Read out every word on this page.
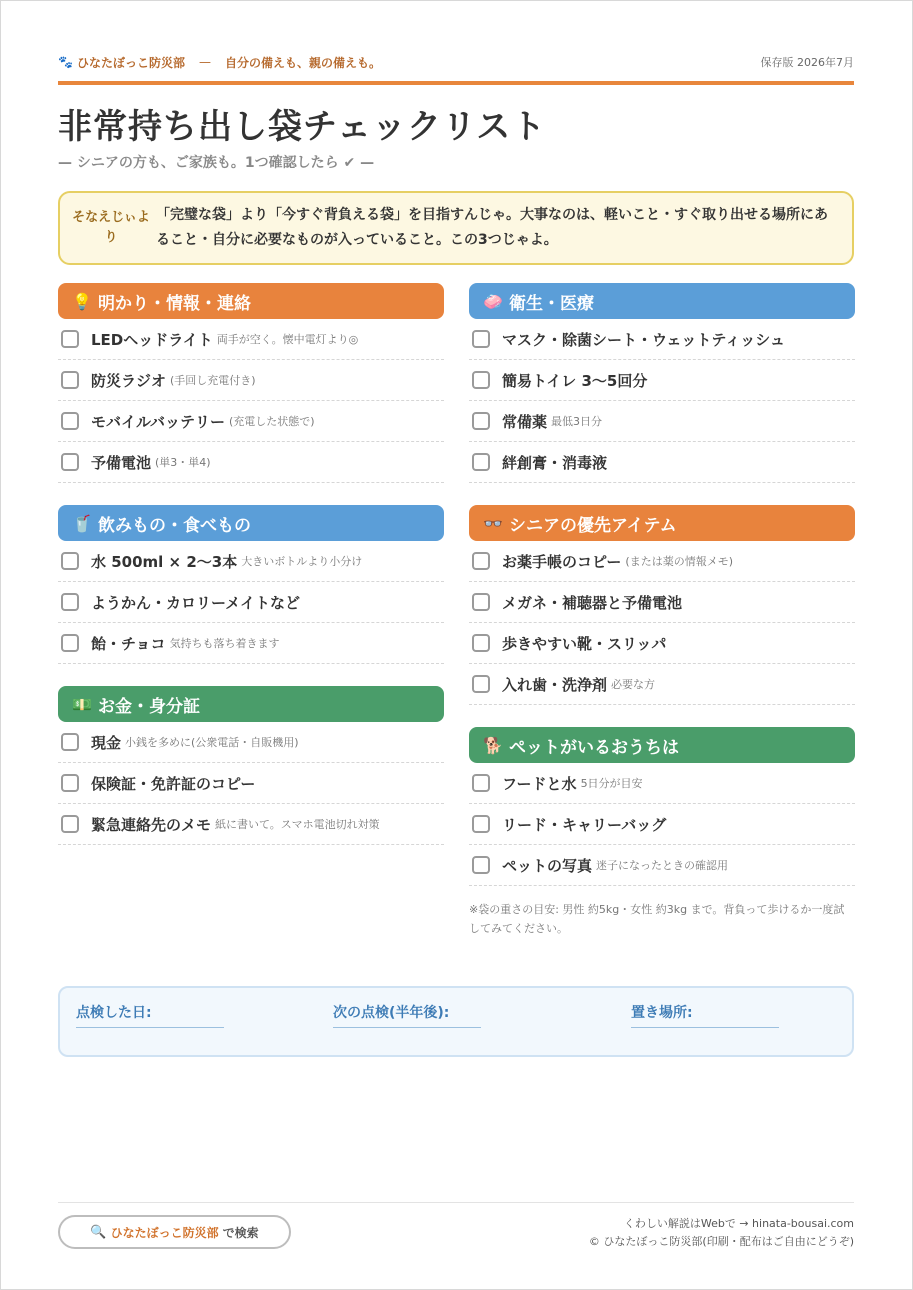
🐾 ひなたぼっこ防災部 — 自分の備えも、親の備えも。	保存版 2026年7月
非常持ち出し袋チェックリスト
— シニアの方も、ご家族も。1つ確認したら ✔ —
そなえじぃより
「完璧な袋」より「今すぐ背負える袋」を目指すんじゃ。大事なのは、軽いこと・すぐ取り出せる場所にあること・自分に必要なものが入っていること。この3つじゃよ。
💡 明かり・情報・連絡
LEDヘッドライト 両手が空く。懐中電灯より◎
防災ラジオ (手回し充電付き)
モバイルバッテリー (充電した状態で)
予備電池 (単3・単4)
🥤 飲みもの・食べもの
水 500ml × 2〜3本 大きいボトルより小分け
ようかん・カロリーメイトなど
飴・チョコ 気持ちも落ち着きます
💵 お金・身分証
現金 小銭を多めに(公衆電話・自販機用)
保険証・免許証のコピー
緊急連絡先のメモ 紙に書いて。スマホ電池切れ対策
🧼 衛生・医療
マスク・除菌シート・ウェットティッシュ
簡易トイレ 3〜5回分
常備薬 最低3日分
絆創膏・消毒液
👓 シニアの優先アイテム
お薬手帳のコピー (または薬の情報メモ)
メガネ・補聴器と予備電池
歩きやすい靴・スリッパ
入れ歯・洗浄剤 必要な方
🐕 ペットがいるおうちは
フードと水 5日分が目安
リード・キャリーバッグ
ペットの写真 迷子になったときの確認用
※袋の重さの目安: 男性 約5kg・女性 約3kg まで。背負って歩けるか一度試してみてください。
点検した日:	次の点検(半年後):	置き場所:
🔍 ひなたぼっこ防災部 で検索
くわしい解説はWebで → hinata-bousai.com
© ひなたぼっこ防災部(印刷・配布はご自由にどうぞ)
